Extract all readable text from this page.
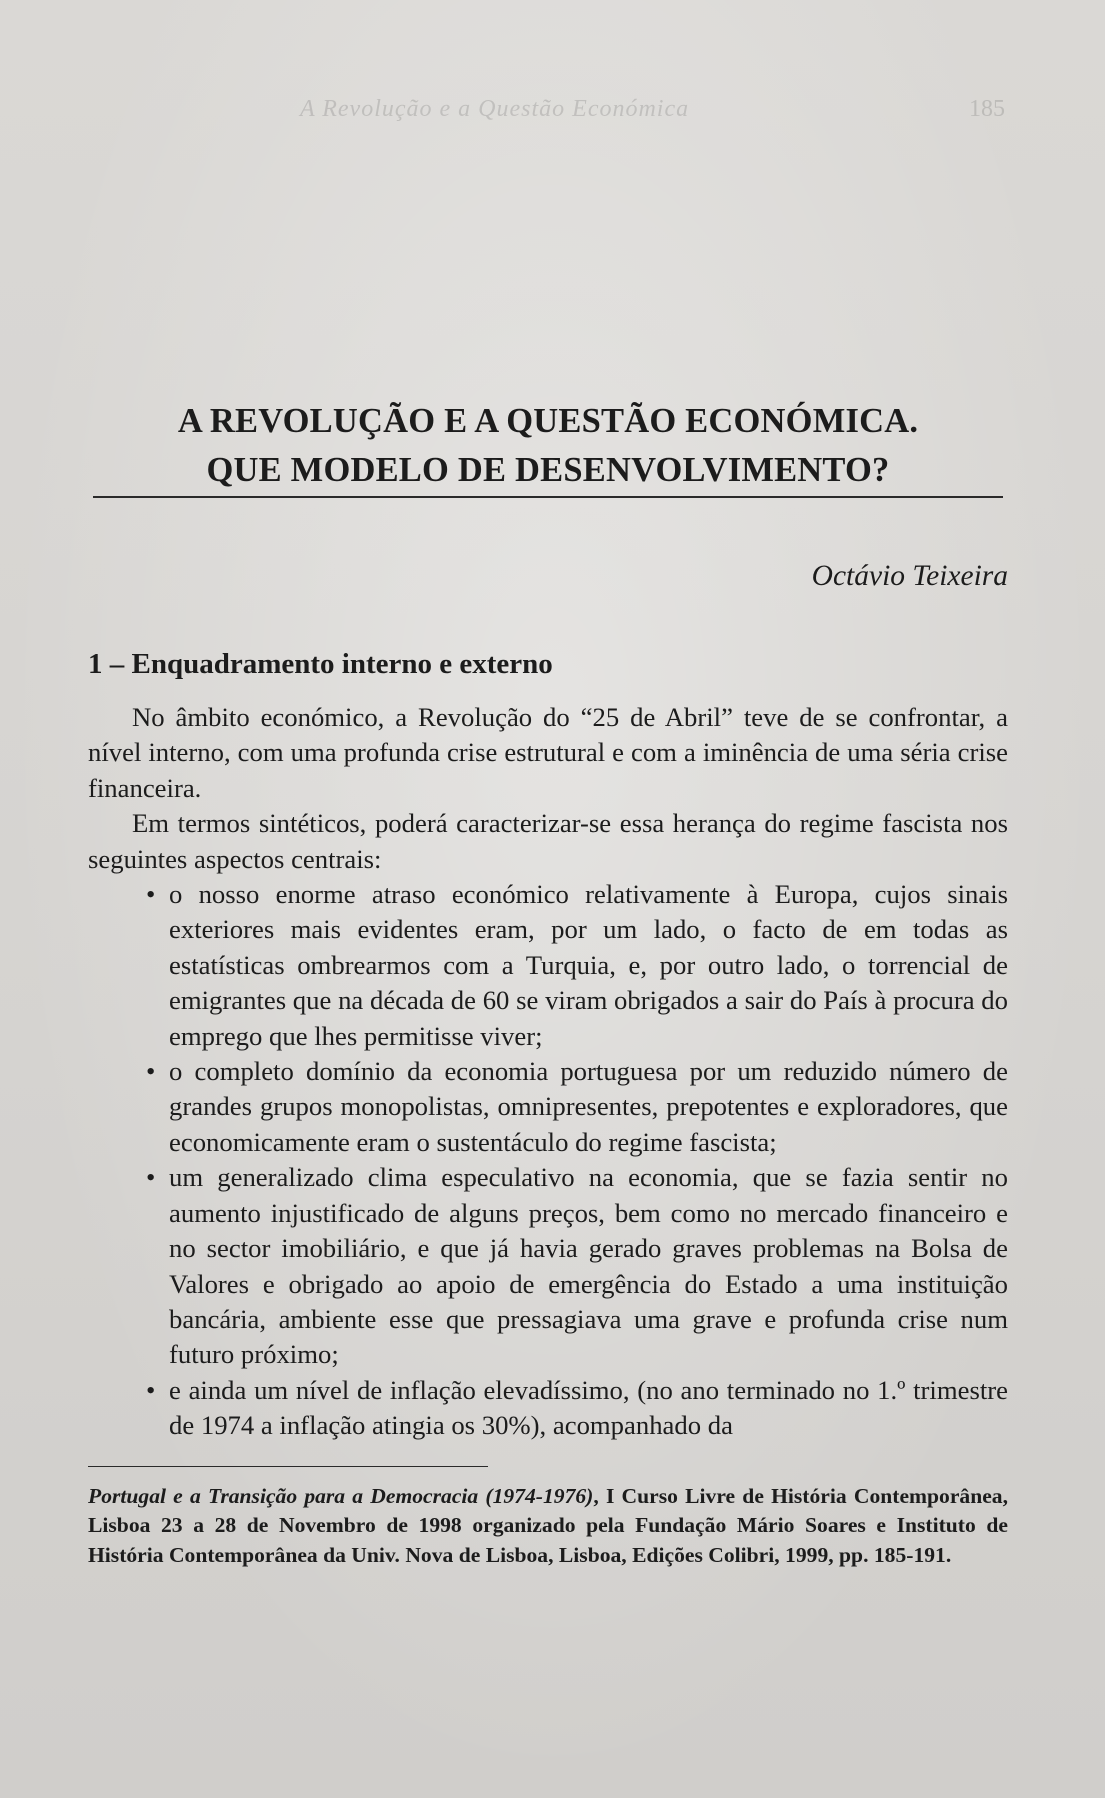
A Revolução e a Questão Económica	185
A REVOLUÇÃO E A QUESTÃO ECONÓMICA.
QUE MODELO DE DESENVOLVIMENTO?
Octávio Teixeira
1 – Enquadramento interno e externo

No âmbito económico, a Revolução do “25 de Abril” teve de se confrontar, a nível interno, com uma profunda crise estrutural e com a iminência de uma séria crise financeira.

Em termos sintéticos, poderá caracterizar-se essa herança do regime fascista nos seguintes aspectos centrais:

• o nosso enorme atraso económico relativamente à Europa, cujos sinais exteriores mais evidentes eram, por um lado, o facto de em todas as estatísticas ombrearmos com a Turquia, e, por outro lado, o torrencial de emigrantes que na década de 60 se viram obrigados a sair do País à procura do emprego que lhes permitisse viver;
• o completo domínio da economia portuguesa por um reduzido número de grandes grupos monopolistas, omnipresentes, prepotentes e exploradores, que economicamente eram o sustentáculo do regime fascista;
• um generalizado clima especulativo na economia, que se fazia sentir no aumento injustificado de alguns preços, bem como no mercado financeiro e no sector imobiliário, e que já havia gerado graves problemas na Bolsa de Valores e obrigado ao apoio de emergência do Estado a uma instituição bancária, ambiente esse que pressagiava uma grave e profunda crise num futuro próximo;
• e ainda um nível de inflação elevadíssimo, (no ano terminado no 1.º trimestre de 1974 a inflação atingia os 30%), acompanhado da
Portugal e a Transição para a Democracia (1974-1976), I Curso Livre de História Contemporânea, Lisboa 23 a 28 de Novembro de 1998 organizado pela Fundação Mário Soares e Instituto de História Contemporânea da Univ. Nova de Lisboa, Lisboa, Edições Colibri, 1999, pp. 185-191.
